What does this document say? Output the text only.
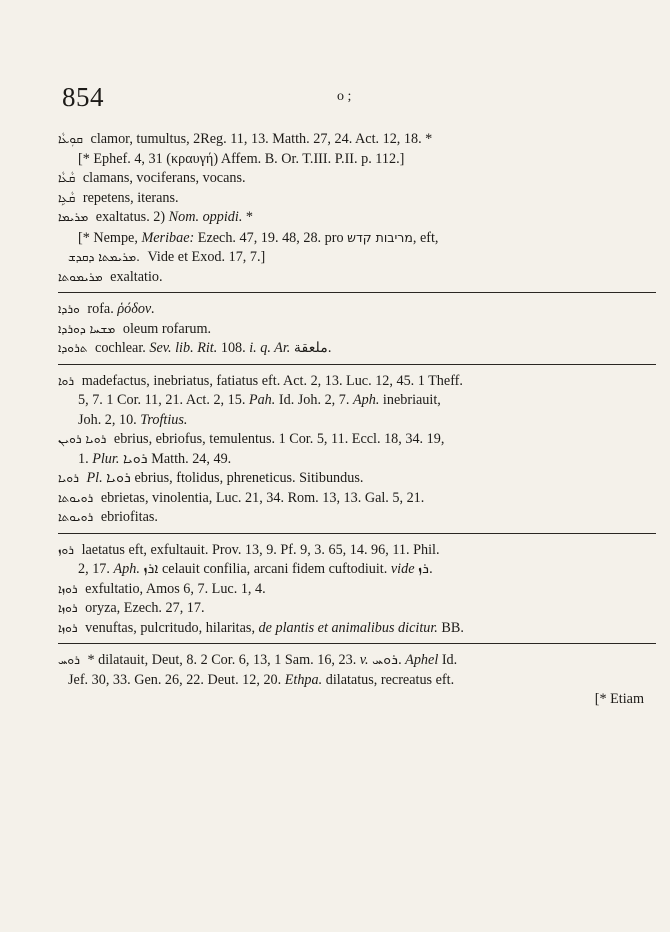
854	o ;

ܩܘܼܥܵܐ clamor, tumultus, 2Reg. 11, 13. Matth. 27, 24. Act. 12, 18. *

[* Ephef. 4, 31 (κραυγή) Affem. B. Or. T.III. P.II. p. 112.]

ܩܵܥܵܐ clamans, vociferans, vocans.

ܩܵܥܹܐ repetens, iterans.

ܡܪܝܡܐ exaltatus. 2) Nom. oppidi. *

[* Nempe, Meribae: Ezech. 47, 19. 48, 28. pro מריבות קדש, eft,

ܡܪܝܡܬܐ ܕܩܕܫ. Vide et Exod. 17, 7.]

ܡܪܝܡܘܬܐ exaltatio.

ܘܪܕܐ rofa. ῥόδον.

ܡܫܚܐ ܕܘܪܕܐ oleum rofarum.

ܬܪܘܕܐ cochlear. Sev. lib. Rit. 108. i. q. Ar. ملعقة.

ܪܘܐ madefactus, inebriatus, fatiatus eft. Act. 2, 13. Luc. 12, 45. 1 Theff.

5, 7. 1 Cor. 11, 21. Act. 2, 15. Pah. Id. Joh. 2, 7. Aph. inebriauit,

Joh. 2, 10. Troftius.

ܪܘܝܐ ܪܘܝܢ ebrius, ebriofus, temulentus. 1 Cor. 5, 11. Eccl. 18, 34. 19,

1. Plur. ܪܘܝܐ Matth. 24, 49.

ܪܘܝܐ Pl. ܪܘܝܐ ebrius, ftolidus, phreneticus. Sitibundus.

ܪܘܝܘܬܐ ebrietas, vinolentia, Luc. 21, 34. Rom. 13, 13. Gal. 5, 21.

ܪܘܝܘܬܐ ebriofitas.

ܪܘܙ laetatus eft, exfultauit. Prov. 13, 9. Pf. 9, 3. 65, 14. 96, 11. Phil.

2, 17. Aph. ܐܪܙ celauit confilia, arcani fidem cuftodiuit. vide ܪܙ.

ܪܘܙܐ exfultatio, Amos 6, 7. Luc. 1, 4.

ܪܘܙܐ oryza, Ezech. 27, 17.

ܪܘܙܐ venuftas, pulcritudo, hilaritas, de plantis et animalibus dicitur. BB.

ܪܘܚ * dilatauit, Deut, 8. 2 Cor. 6, 13, 1 Sam. 16, 23. v. ܪܘܚ. Aphel Id.

Jef. 30, 33. Gen. 26, 22. Deut. 12, 20. Ethpa. dilatatus, recreatus eft.

[* Etiam
